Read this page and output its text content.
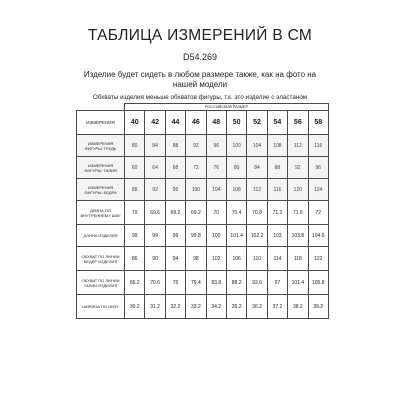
ТАБЛИЦА ИЗМЕРЕНИЙ В СМ
D54.269
Изделие будет сидеть в любом размере также, как на фото на нашей модели
Обхваты изделия меньше обхватов фигуры, т.к. это изделие с эластаном
	РОССИЙСКИЙ РАЗМЕР									
ИЗМЕРЕНИЯ	40	42	44	46	48	50	52	54	56	58
ИЗМЕРЕНИЯ ФИГУРЫ: ГРУДЬ	80	84	88	92	96	100	104	108	112	116
ИЗМЕРЕНИЯ ФИГУРЫ: ТАЛИЯ	60	64	68	72	76	80	84	88	92	96
ИЗМЕРЕНИЯ ФИГУРЫ: БЕДРА	88	92	96	100	104	108	112	116	120	124
ДЛИНА ПО ВНУТРЕННЕМУ ШВУ	70	69.6	69.2	69.2	70	70.4	70.8	71.2	71.6	72
ДЛИНА ИЗДЕЛИЯ	99	99	99	99.8	100	101.4	102.2	103	103.8	104.6
ОБХВАТ ПО ЛИНИИ БЕДЕР ИЗДЕЛИЯ	86	90	94	98	102	106	110	114	118	122
ОБХВАТ ПО ЛИНИИ ТАЛИИ ИЗДЕЛИЯ	66.2	70.6	75	79.4	83.8	88.2	92.6	97	101.4	105.8
ШИРИНА ПО НИЗУ	30.2	31.2	32.2	33.2	34.2	35.2	36.2	37.2	38.2	39.2
